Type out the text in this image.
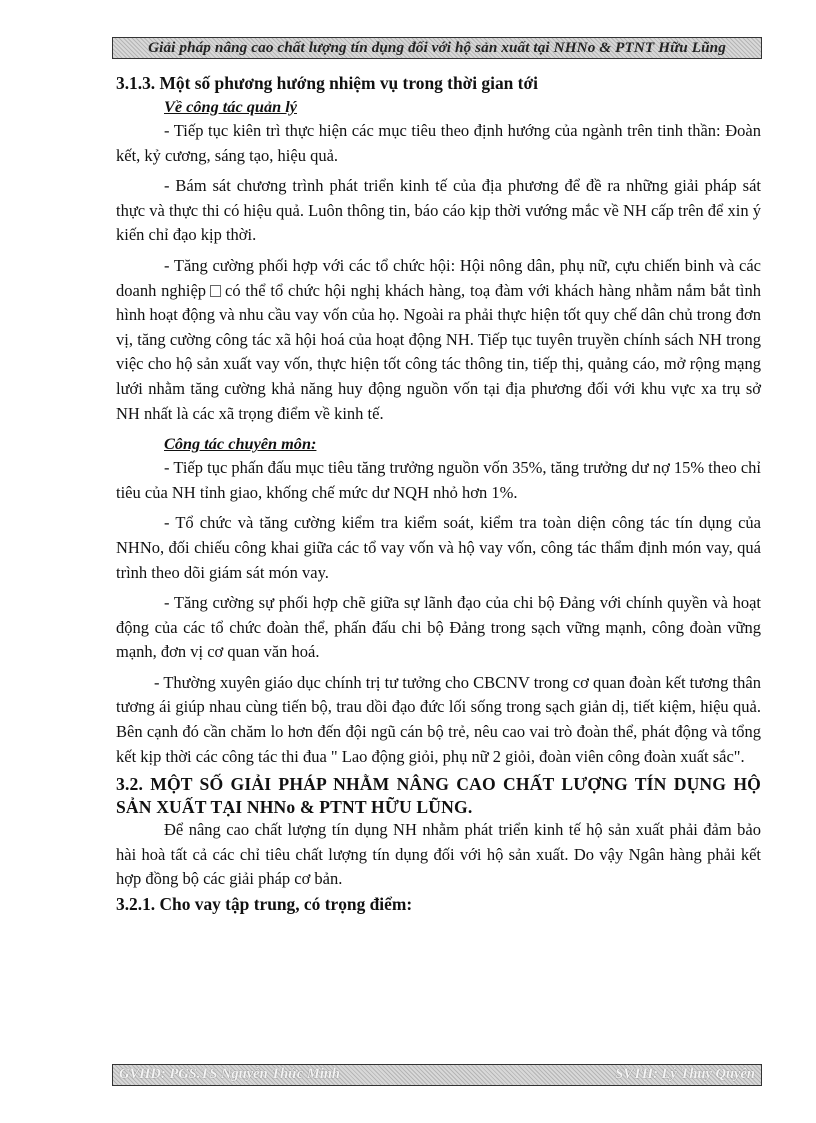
Giải pháp nâng cao chất lượng tín dụng đối với hộ sản xuất tại NHNo & PTNT Hữu Lũng
3.1.3. Một số phương hướng nhiệm vụ trong thời gian tới

Về công tác quản lý

- Tiếp tục kiên trì thực hiện các mục tiêu theo định hướng của ngành trên tinh thần: Đoàn kết, kỷ cương, sáng tạo, hiệu quả.

- Bám sát chương trình phát triển kinh tế của địa phương để đề ra những giải pháp sát thực và thực thi có hiệu quả. Luôn thông tin, báo cáo kịp thời vướng mắc về NH cấp trên để xin ý kiến chỉ đạo kịp thời.

- Tăng cường phối hợp với các tổ chức hội: Hội nông dân, phụ nữ, cựu chiến binh và các doanh nghiệp có thể tổ chức hội nghị khách hàng, toạ đàm với khách hàng nhằm nắm bắt tình hình hoạt động và nhu cầu vay vốn của họ. Ngoài ra phải thực hiện tốt quy chế dân chủ trong đơn vị, tăng cường công tác xã hội hoá của hoạt động NH. Tiếp tục tuyên truyền chính sách NH trong việc cho hộ sản xuất vay vốn, thực hiện tốt công tác thông tin, tiếp thị, quảng cáo, mở rộng mạng lưới nhằm tăng cường khả năng huy động nguồn vốn tại địa phương đối với khu vực xa trụ sở NH nhất là các xã trọng điểm về kinh tế.

Công tác chuyên môn:

- Tiếp tục phấn đấu mục tiêu tăng trưởng nguồn vốn 35%, tăng trưởng dư nợ 15% theo chỉ tiêu của NH tỉnh giao, khống chế mức dư NQH nhỏ hơn 1%.

- Tổ chức và tăng cường kiểm tra kiểm soát, kiểm tra toàn diện công tác tín dụng của NHNo, đối chiếu công khai giữa các tổ vay vốn và hộ vay vốn, công tác thẩm định món vay, quá trình theo dõi giám sát món vay.

- Tăng cường sự phối hợp chẽ giữa sự lãnh đạo của chi bộ Đảng với chính quyền và hoạt động của các tổ chức đoàn thể, phấn đấu chi bộ Đảng trong sạch vững mạnh, công đoàn vững mạnh, đơn vị cơ quan văn hoá.

- Thường xuyên giáo dục chính trị tư tưởng cho CBCNV trong cơ quan đoàn kết tương thân tương ái giúp nhau cùng tiến bộ, trau dồi đạo đức lối sống trong sạch giản dị, tiết kiệm, hiệu quả. Bên cạnh đó cần chăm lo hơn đến đội ngũ cán bộ trẻ, nêu cao vai trò đoàn thể, phát động và tổng kết kịp thời các công tác thi đua " Lao động giỏi, phụ nữ 2 giỏi, đoàn viên công đoàn xuất sắc".

3.2. MỘT SỐ GIẢI PHÁP NHẰM NÂNG CAO CHẤT LƯỢNG TÍN DỤNG HỘ SẢN XUẤT TẠI NHNo & PTNT HỮU LŨNG.

Để nâng cao chất lượng tín dụng NH nhằm phát triển kinh tế hộ sản xuất phải đảm bảo hài hoà tất cả các chỉ tiêu chất lượng tín dụng đối với hộ sản xuất. Do vậy Ngân hàng phải kết hợp đồng bộ các giải pháp cơ bản.

3.2.1. Cho vay tập trung, có trọng điểm:
GVHD: PGS.TS Nguyễn Thức Minh	SVTH: Lý Thuý Quyên
